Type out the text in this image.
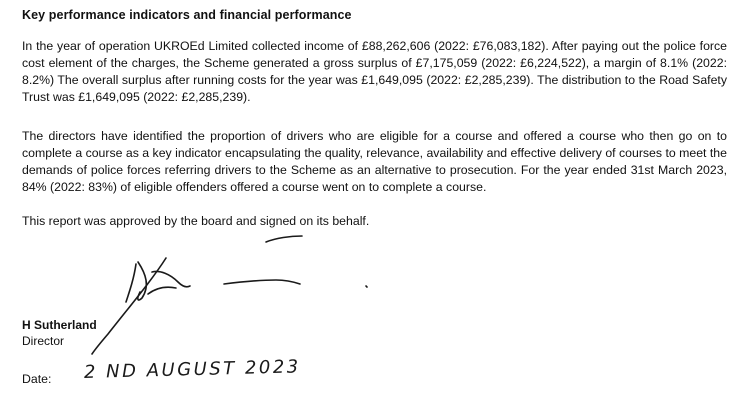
Key performance indicators and financial performance
In the year of operation UKROEd Limited collected income of £88,262,606 (2022: £76,083,182). After paying out the police force cost element of the charges, the Scheme generated a gross surplus of £7,175,059 (2022: £6,224,522), a margin of 8.1% (2022: 8.2%) The overall surplus after running costs for the year was £1,649,095 (2022: £2,285,239). The distribution to the Road Safety Trust was £1,649,095 (2022: £2,285,239).
The directors have identified the proportion of drivers who are eligible for a course and offered a course who then go on to complete a course as a key indicator encapsulating the quality, relevance, availability and effective delivery of courses to meet the demands of police forces referring drivers to the Scheme as an alternative to prosecution. For the year ended 31st March 2023, 84% (2022: 83%) of eligible offenders offered a course went on to complete a course.
This report was approved by the board and signed on its behalf.
H Sutherland
Director
Date: 2 ND AUGUST 2023
